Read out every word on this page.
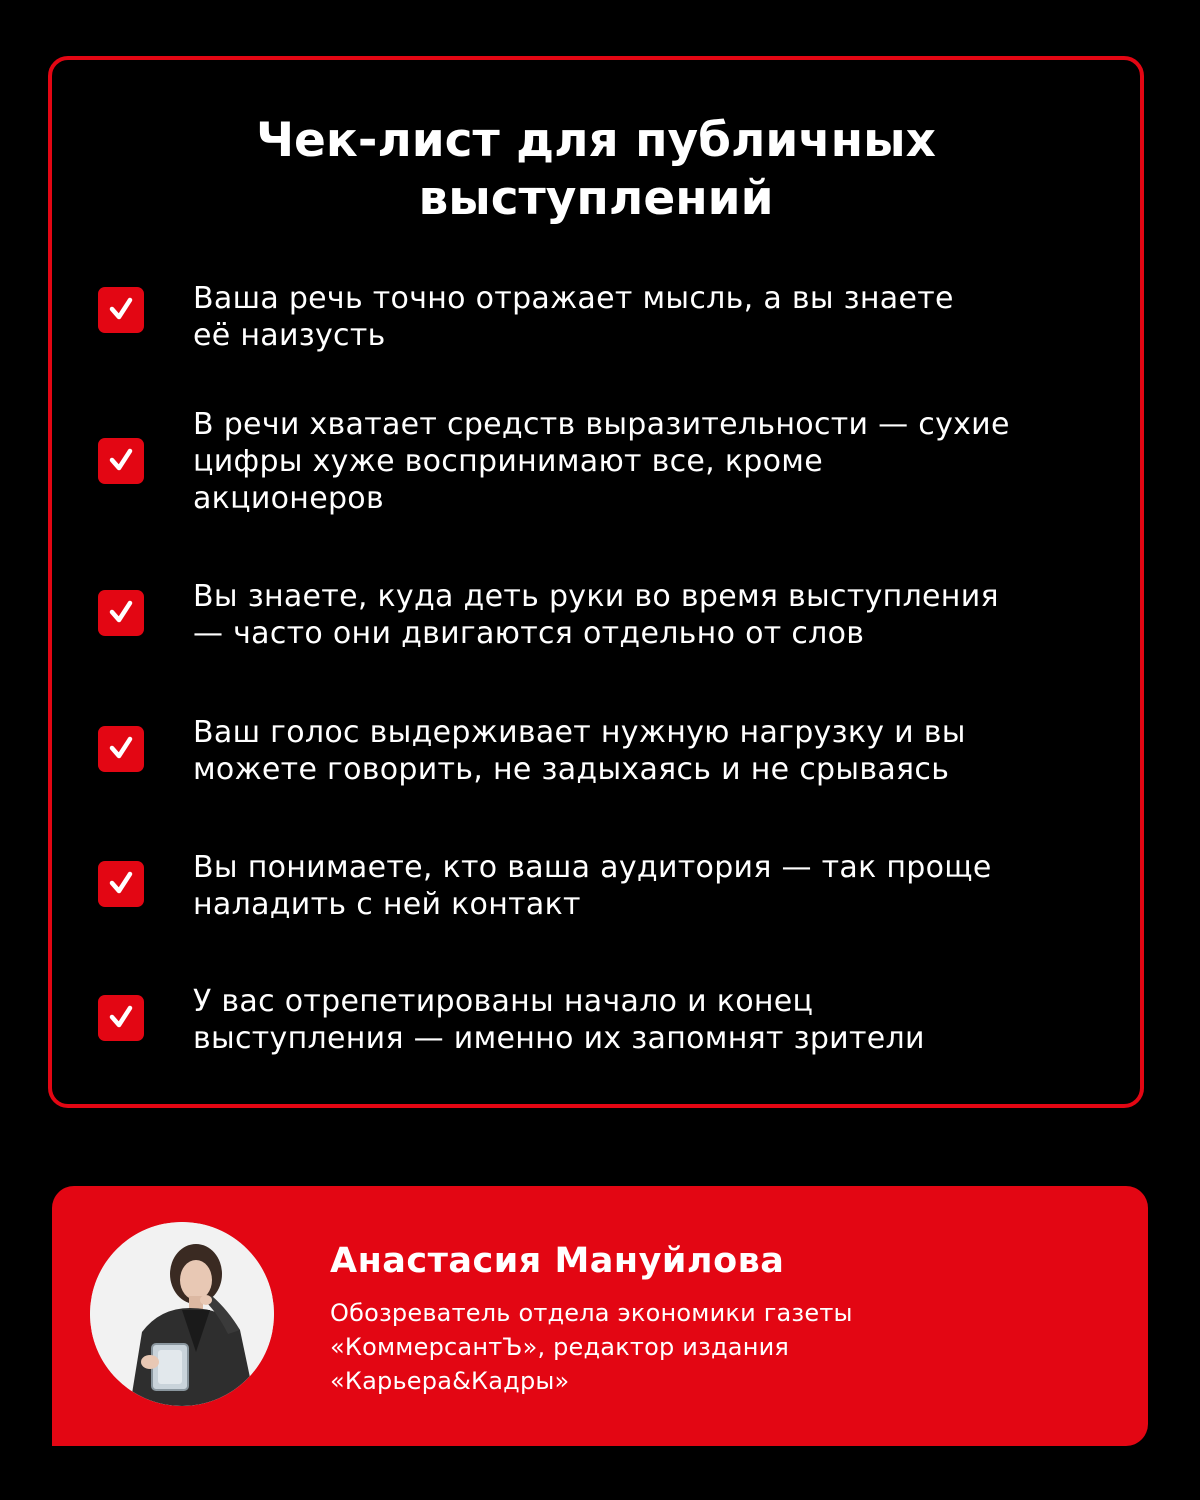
Чек-лист для публичных
выступлений
Ваша речь точно отражает мысль, а вы знаете
её наизусть
В речи хватает средств выразительности — сухие
цифры хуже воспринимают все, кроме
акционеров
Вы знаете, куда деть руки во время выступления
— часто они двигаются отдельно от слов
Ваш голос выдерживает нужную нагрузку и вы
можете говорить, не задыхаясь и не срываясь
Вы понимаете, кто ваша аудитория — так проще
наладить с ней контакт
У вас отрепетированы начало и конец
выступления — именно их запомнят зрители
Анастасия Мануйлова
Обозреватель отдела экономики газеты
«КоммерсантЪ», редактор издания
«Карьера&Кадры»
